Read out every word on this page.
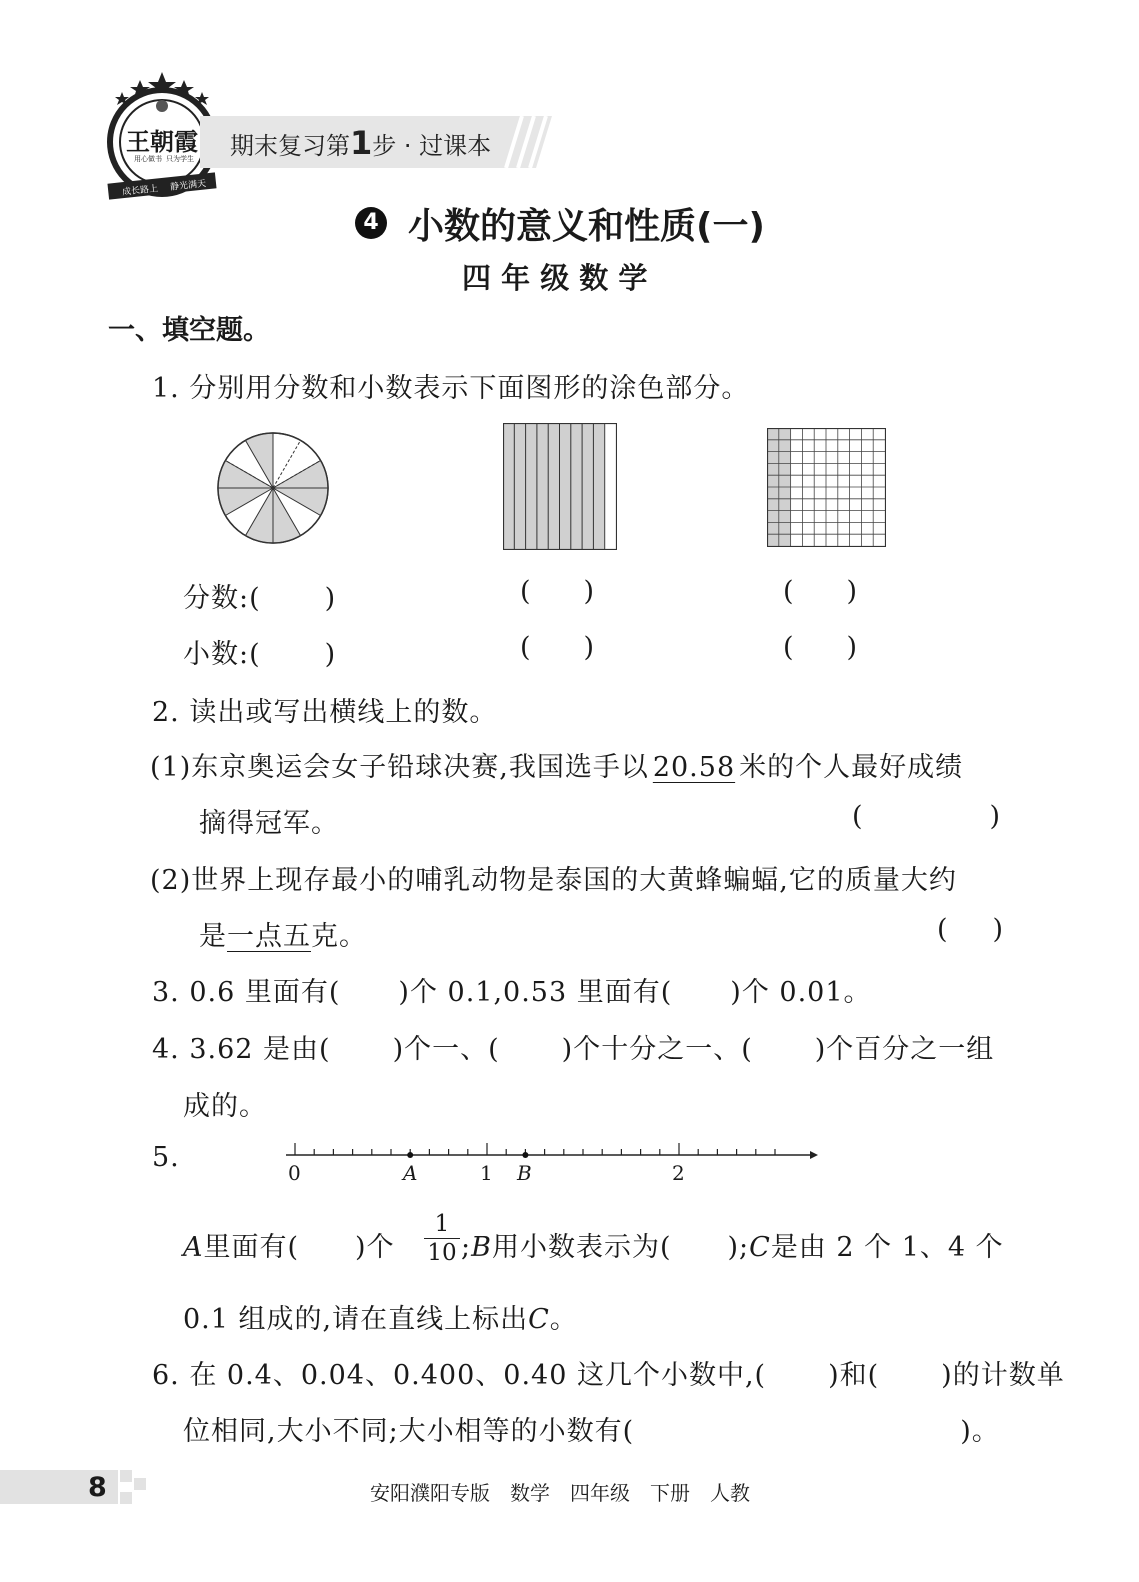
王朝霞
用心做书 只为学生
成长路上 静光满天
期末复习第1步 · 过课本
4 小数的意义和性质(一)
四 年 级 数 学
一、填空题。
1. 分别用分数和小数表示下面图形的涂色部分。
分数:( )	( )	( )
小数:( )	( )	( )
2. 读出或写出横线上的数。
(1)东京奥运会女子铅球决赛,我国选手以 20.58 米的个人最好成绩
摘得冠军。	(	)
(2)世界上现存最小的哺乳动物是泰国的大黄蜂蝙蝠,它的质量大约
是一点五克。	( )
3. 0.6 里面有( )个 0.1,0.53 里面有( )个 0.01。
4. 3.62 是由( )个一、( )个十分之一、( )个百分之一组
成的。
5.	0	A	1 B	2
A里面有( )个
1
10 ;B用小数表示为( );C是由 2 个 1、4 个
0.1 组成的,请在直线上标出C。
6. 在 0.4、0.04、0.400、0.40 这几个小数中,( )和( )的计数单
位相同,大小不同;大小相等的小数有(	)。
8	安阳濮阳专版　数学　四年级　下册　人教
